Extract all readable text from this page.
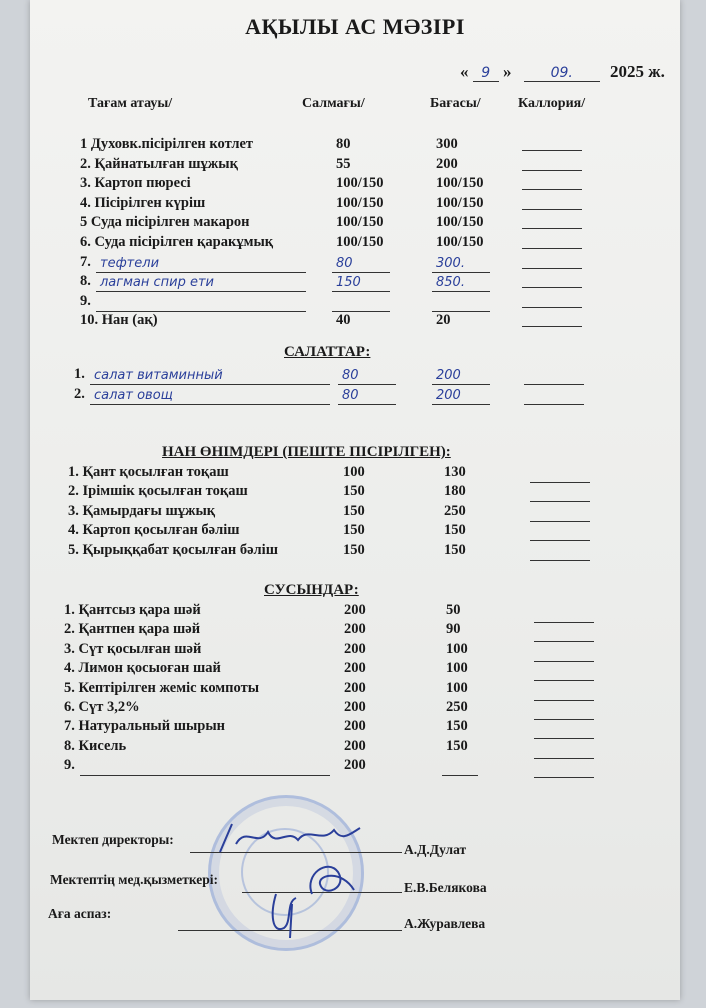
АҚЫЛЫ АС МӘЗІРІ
« 9 »	09. 2025 ж.
Тағам атауы/	Салмағы/	Бағасы/	Каллория/
1 Духовк.пісірілген котлет	80	300
2. Қайнатылған шұжық	55	200
3. Картоп пюресі	100/150	100/150
4. Пісірілген күріш	100/150	100/150
5 Суда пісірілген макарон	100/150	100/150
6. Суда пісірілген қаракұмық	100/150	100/150
7. тефтели	80	300.
8. лагман спир ети	150	850.
9.
10. Нан (ақ)	40	20
САЛАТТАР:
1. салат витаминный	80	200
2. салат овощ	80	200
НАН ӨНІМДЕРІ (ПЕШТЕ ПІСІРІЛГЕН):
1. Қант қосылған тоқаш	100	130
2. Ірімшік қосылған тоқаш	150	180
3. Қамырдағы шұжық	150	250
4. Картоп қосылған бәліш	150	150
5. Қырыққабат қосылған бәліш	150	150
СУСЫНДАР:
1. Қантсыз қара шәй	200	50
2. Қантпен қара шәй	200	90
3. Сүт қосылған шәй	200	100
4. Лимон қосыоған шай	200	100
5. Кептірілген жеміс компоты	200	100
6. Сүт 3,2%	200	250
7. Натуральный шырын	200	150
8. Кисель	200	150
9.	200
Мектеп директоры:
А.Д.Дулат
Мектептің мед.қызметкері:
Е.В.Белякова
Аға аспаз:
А.Журавлева
